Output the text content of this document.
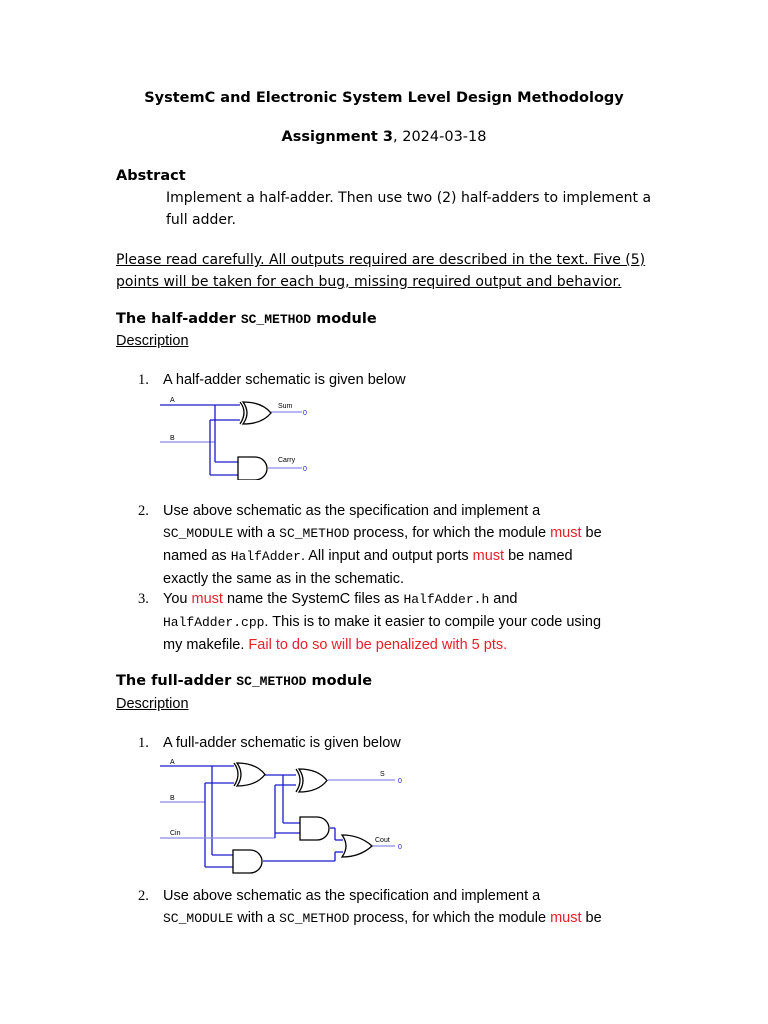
SystemC and Electronic System Level Design Methodology
Assignment 3, 2024-03-18
Abstract
Implement a half-adder. Then use two (2) half-adders to implement a full adder.
Please read carefully. All outputs required are described in the text. Five (5)
points will be taken for each bug, missing required output and behavior.
The half-adder SC_METHOD module
Description
1. A half-adder schematic is given below
A
B
Sum
Carry
0
0
2. Use above schematic as the specification and implement a
SC_MODULE with a SC_METHOD process, for which the module must be
named as HalfAdder. All input and output ports must be named
exactly the same as in the schematic.
3. You must name the SystemC files as HalfAdder.h and
HalfAdder.cpp. This is to make it easier to compile your code using
my makefile. Fail to do so will be penalized with 5 pts.
The full-adder SC_METHOD module
Description
1. A full-adder schematic is given below
A
B
Cin
S
Cout
0
0
2. Use above schematic as the specification and implement a
SC_MODULE with a SC_METHOD process, for which the module must be
